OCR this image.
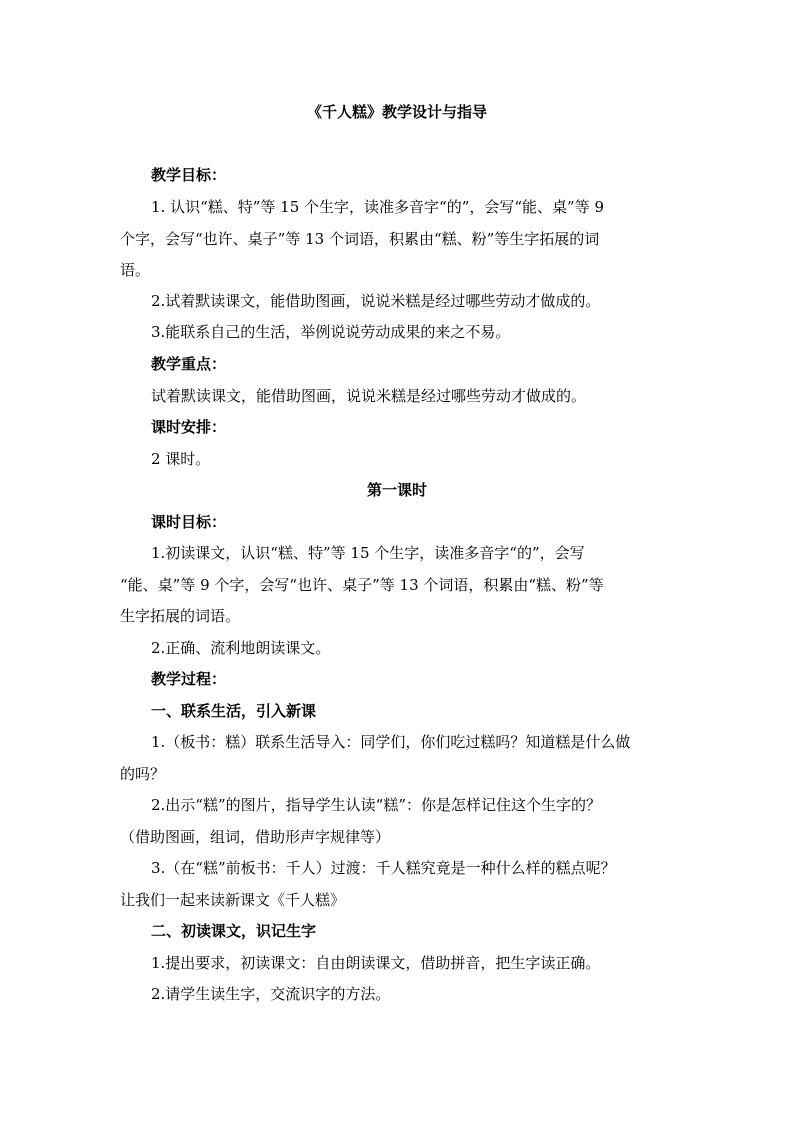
《千人糕》教学设计与指导
教学目标：
1. 认识“糕、特”等 15 个生字，读准多音字“的”，会写“能、桌”等 9
个字，会写“也许、桌子”等 13 个词语，积累由“糕、粉”等生字拓展的词
语。
2.试着默读课文，能借助图画，说说米糕是经过哪些劳动才做成的。
3.能联系自己的生活，举例说说劳动成果的来之不易。
教学重点：
试着默读课文，能借助图画，说说米糕是经过哪些劳动才做成的。
课时安排：
2 课时。
第一课时
课时目标：
1.初读课文，认识“糕、特”等 15 个生字，读准多音字“的”，会写
“能、桌”等 9 个字，会写“也许、桌子”等 13 个词语，积累由“糕、粉”等
生字拓展的词语。
2.正确、流利地朗读课文。
教学过程：
一、联系生活，引入新课
1.（板书：糕）联系生活导入：同学们，你们吃过糕吗？知道糕是什么做
的吗？
2.出示“糕”的图片，指导学生认读“糕”：你是怎样记住这个生字的？
（借助图画，组词，借助形声字规律等）
3.（在“糕”前板书：千人）过渡：千人糕究竟是一种什么样的糕点呢？
让我们一起来读新课文《千人糕》
二、初读课文，识记生字
1.提出要求，初读课文：自由朗读课文，借助拼音，把生字读正确。
2.请学生读生字，交流识字的方法。
